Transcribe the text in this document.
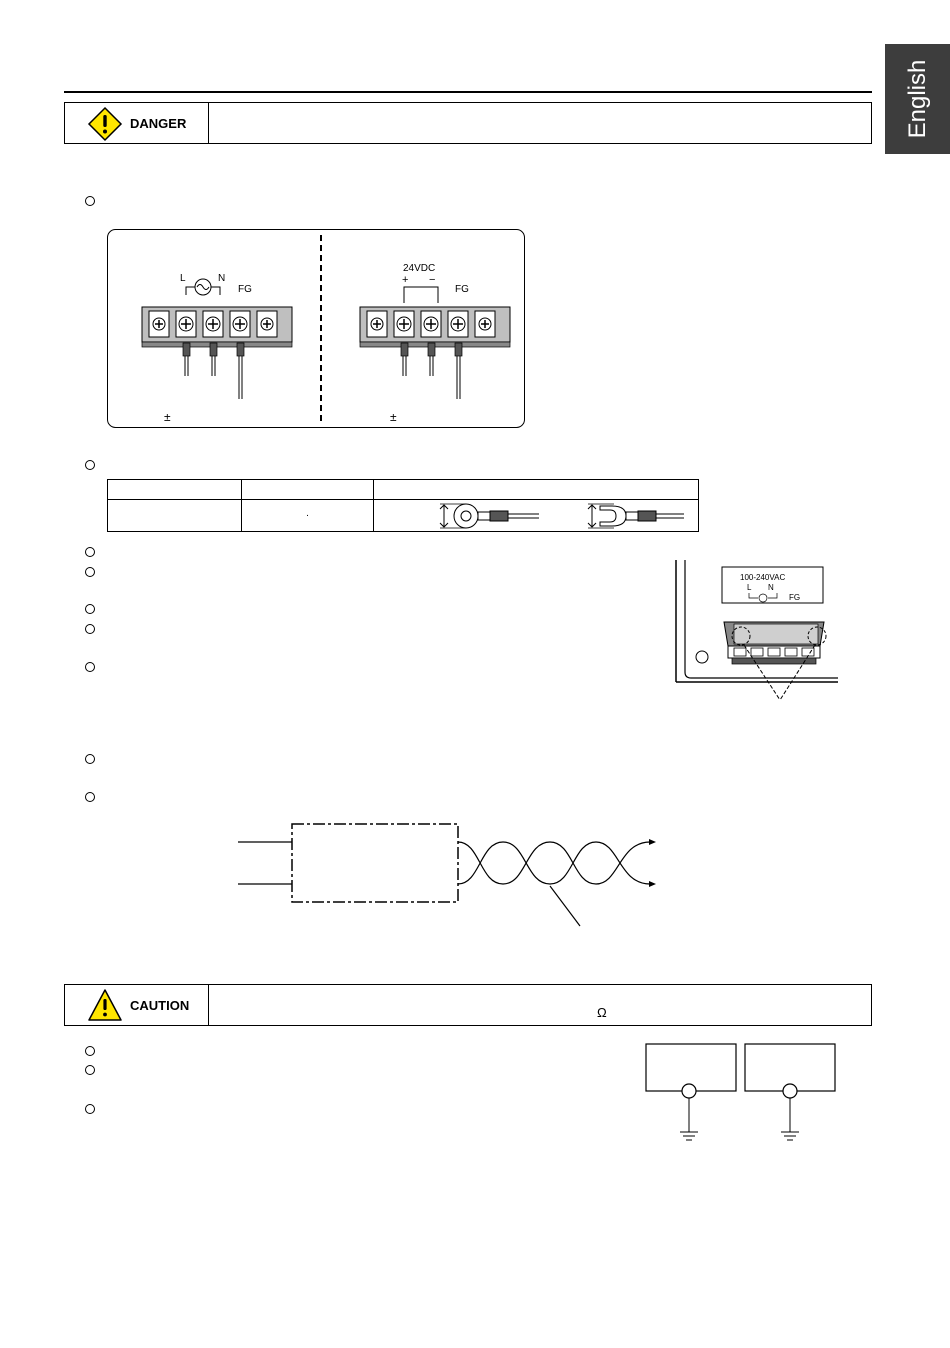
English
DANGER
L	N
FG
±
24VDC
+ −
FG
±

	·	
100-240VAC
L N
FG
CAUTION	Ω
